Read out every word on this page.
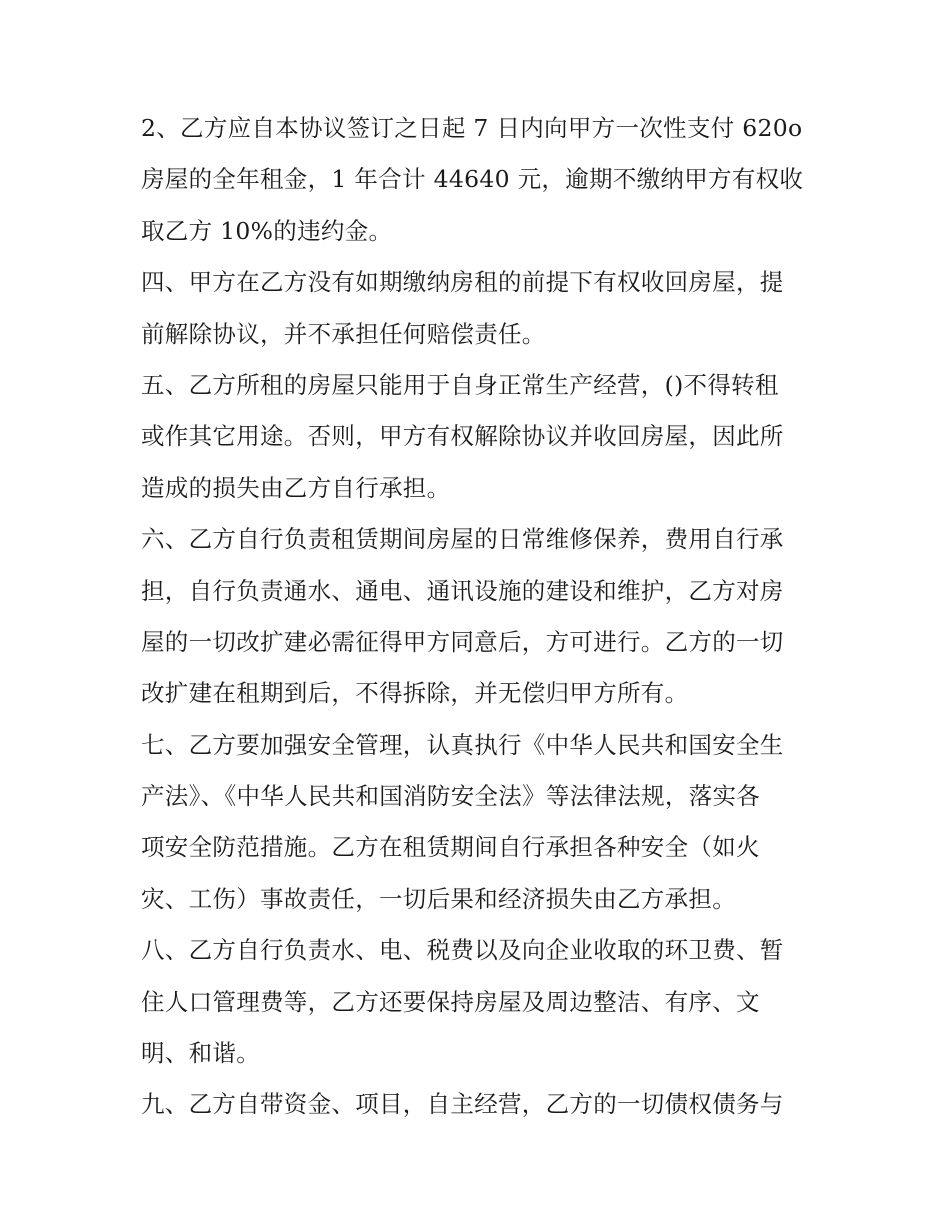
2、乙方应自本协议签订之日起 7 日内向甲方一次性支付 620o
房屋的全年租金，1 年合计 44640 元，逾期不缴纳甲方有权收
取乙方 10%的违约金。
四、甲方在乙方没有如期缴纳房租的前提下有权收回房屋，提
前解除协议，并不承担任何赔偿责任。
五、乙方所租的房屋只能用于自身正常生产经营，()不得转租
或作其它用途。否则，甲方有权解除协议并收回房屋，因此所
造成的损失由乙方自行承担。
六、乙方自行负责租赁期间房屋的日常维修保养，费用自行承
担，自行负责通水、通电、通讯设施的建设和维护，乙方对房
屋的一切改扩建必需征得甲方同意后，方可进行。乙方的一切
改扩建在租期到后，不得拆除，并无偿归甲方所有。
七、乙方要加强安全管理，认真执行《中华人民共和国安全生
产法》、《中华人民共和国消防安全法》等法律法规，落实各
项安全防范措施。乙方在租赁期间自行承担各种安全（如火
灾、工伤）事故责任，一切后果和经济损失由乙方承担。
八、乙方自行负责水、电、税费以及向企业收取的环卫费、暂
住人口管理费等，乙方还要保持房屋及周边整洁、有序、文
明、和谐。
九、乙方自带资金、项目，自主经营，乙方的一切债权债务与
